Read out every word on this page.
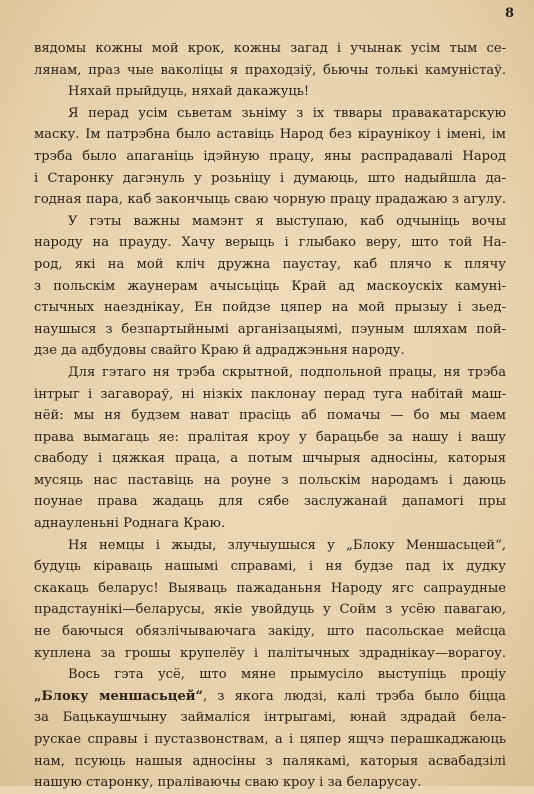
8
вядомы кожны мой крок, кожны загад і учынак усім тым се-
лянам, праз чые ваколіцы я праходзіў, бьючы толькі камуністаў.
Няхай прыйдуць, няхай дакажуць!
Я перад усім сьветам зьніму з іх тввары правакатарскую
маску. Ім патрэбна было аставіць Народ без кіраунікоу і імені, ім
трэба было апаганіць ідэйную працу, яны распрадавалі Народ
і Старонку дагэнуль у розьніцу і думаюць, што надыйшла да-
годная пара, каб закончыць сваю чорную працу прадажаю з агулу.
У гэты важны мамэнт я выступаю, каб одчыніць вочы
народу на прауду. Хачу верыць і глыбако веру, што той На-
род, які на мой кліч дружна паустау, каб плячо к плячу
з польскім жаунерам ачысьціць Край ад маскоускіх камуні-
стычных наезднікау, Ен пойдзе цяпер на мой прызыу і зьед-
наушыся з безпартыйнымі арганізацыямі, пэуным шляхам пой-
дзе да адбудовы свайго Краю й адраджэньня народу.
Для гэтаго ня трэба скрытной, подпольной працы, ня трэба
інтрыг і загавораў, ні нізкіх паклонау перад туга набітай маш-
нёй: мы ня будзем нават прасіць аб помачы — бо мы маем
права вымагаць яе: пралітая кроу у барацьбе за нашу і вашу
свабоду і цяжкая праца, а потым шчырыя адносіны, каторыя
мусяць нас паставіць на роуне з польскім народамъ і даюць
поунае права жадаць для сябе заслужанай дапамогі пры
аднауленьні Роднага Краю.
Ня немцы і жыды, злучыушыся у „Блоку Меншасьцей“,
будуць кіраваць нашымі справамі, і ня будзе пад іх дудку
скакаць беларус! Выяваць пажаданьня Народу ягс сапраудные
прадстаунікі—беларусы, якіе увойдуць у Сойм з усёю павагаю,
не баючыся обязлічываючага закіду, што пасольскае мейсца
куплена за грошы крупелёу і палітычных здраднікау—ворагоу.
Вось гэта усё, што мяне прымусіло выступіць проціу
„Блоку меншасьцей“, з якога людзі, калі трэба было біцца
за Бацькаушчыну займаліся інтрыгамі, юнай здрадай бела-
рускае справы і пустазвонствам, а і цяпер ящчэ перашкаджаюць
нам, псуюць нашыя адносіны з палякамі, каторыя асвабадзілі
нашую старонку, праліваючы сваю кроу і за беларусау.
